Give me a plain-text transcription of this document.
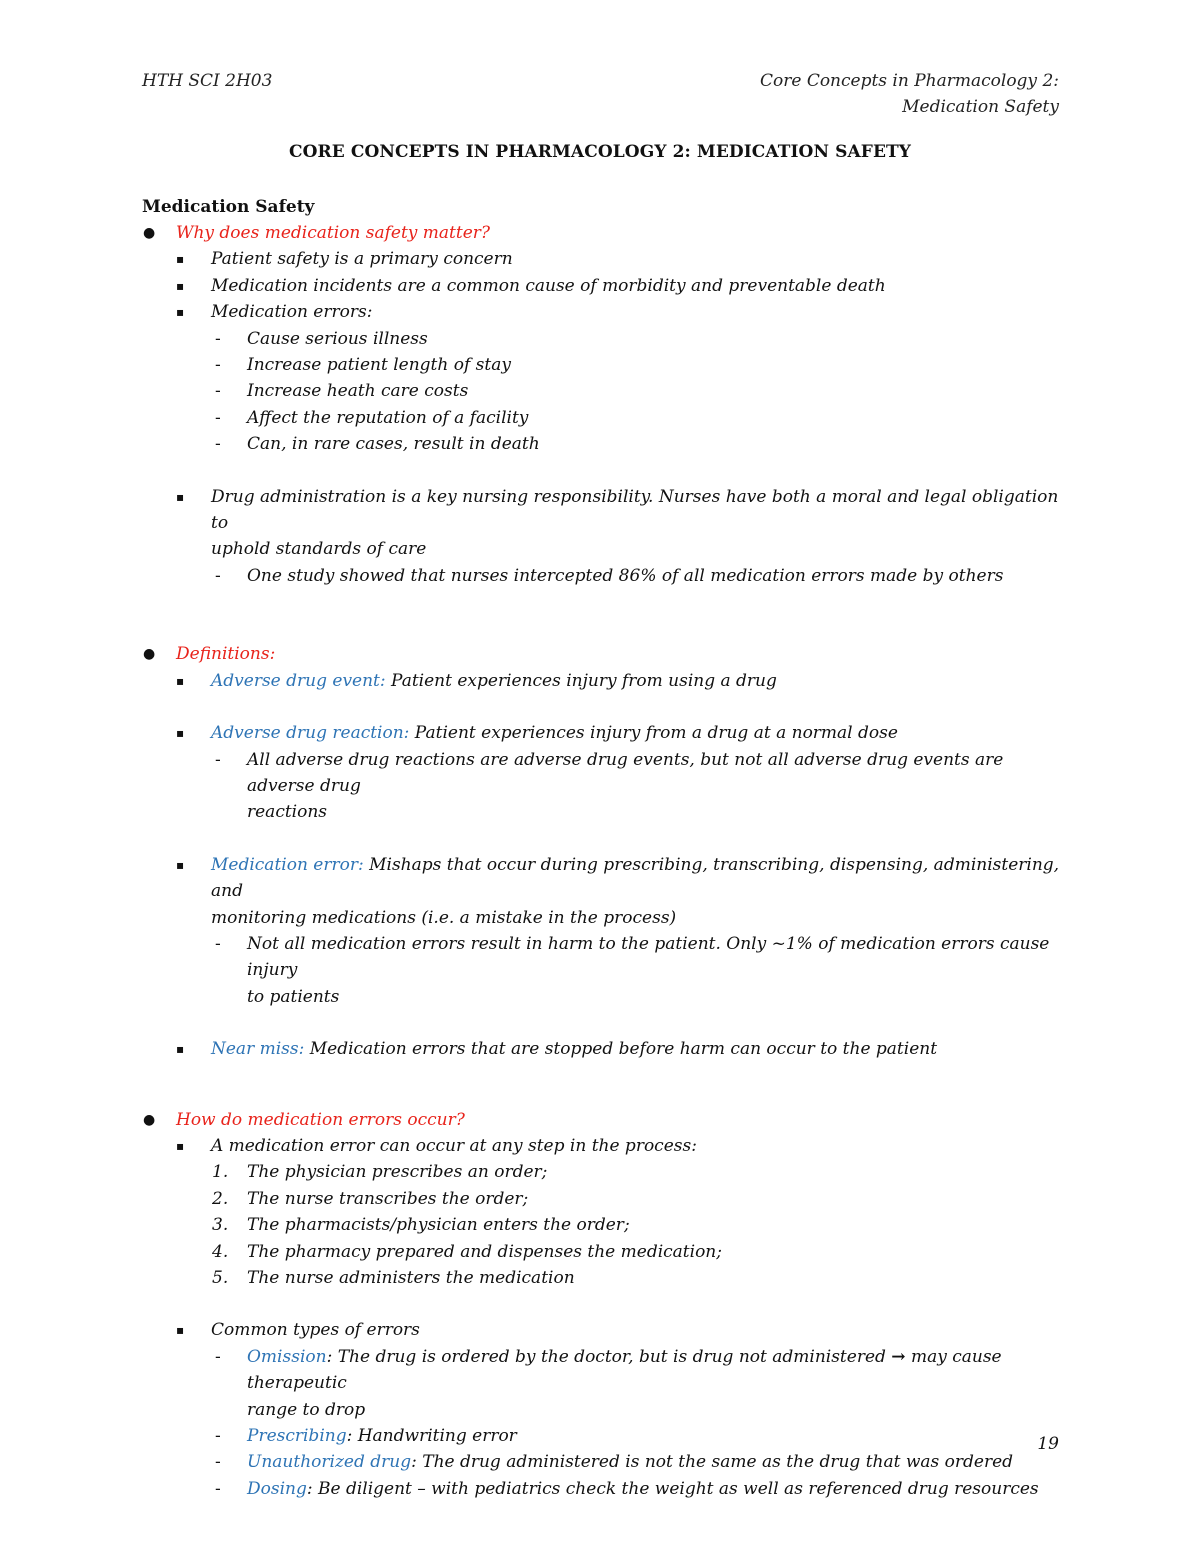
HTH SCI 2H03	Core Concepts in Pharmacology 2:
Medication Safety
CORE CONCEPTS IN PHARMACOLOGY 2: MEDICATION SAFETY
Medication Safety
● Why does medication safety matter?
▪ Patient safety is a primary concern
▪ Medication incidents are a common cause of morbidity and preventable death
▪ Medication errors:
- Cause serious illness
- Increase patient length of stay
- Increase heath care costs
- Affect the reputation of a facility
- Can, in rare cases, result in death
▪ Drug administration is a key nursing responsibility. Nurses have both a moral and legal obligation to
uphold standards of care
- One study showed that nurses intercepted 86% of all medication errors made by others
● Definitions:
▪ Adverse drug event: Patient experiences injury from using a drug
▪ Adverse drug reaction: Patient experiences injury from a drug at a normal dose
- All adverse drug reactions are adverse drug events, but not all adverse drug events are adverse drug
reactions
▪ Medication error: Mishaps that occur during prescribing, transcribing, dispensing, administering, and
monitoring medications (i.e. a mistake in the process)
- Not all medication errors result in harm to the patient. Only ~1% of medication errors cause injury
to patients
▪ Near miss: Medication errors that are stopped before harm can occur to the patient
● How do medication errors occur?
▪ A medication error can occur at any step in the process:
1. The physician prescribes an order;
2. The nurse transcribes the order;
3. The pharmacists/physician enters the order;
4. The pharmacy prepared and dispenses the medication;
5. The nurse administers the medication
▪ Common types of errors
- Omission: The drug is ordered by the doctor, but is drug not administered → may cause therapeutic
range to drop
- Prescribing: Handwriting error
- Unauthorized drug: The drug administered is not the same as the drug that was ordered
- Dosing: Be diligent – with pediatrics check the weight as well as referenced drug resources
19
